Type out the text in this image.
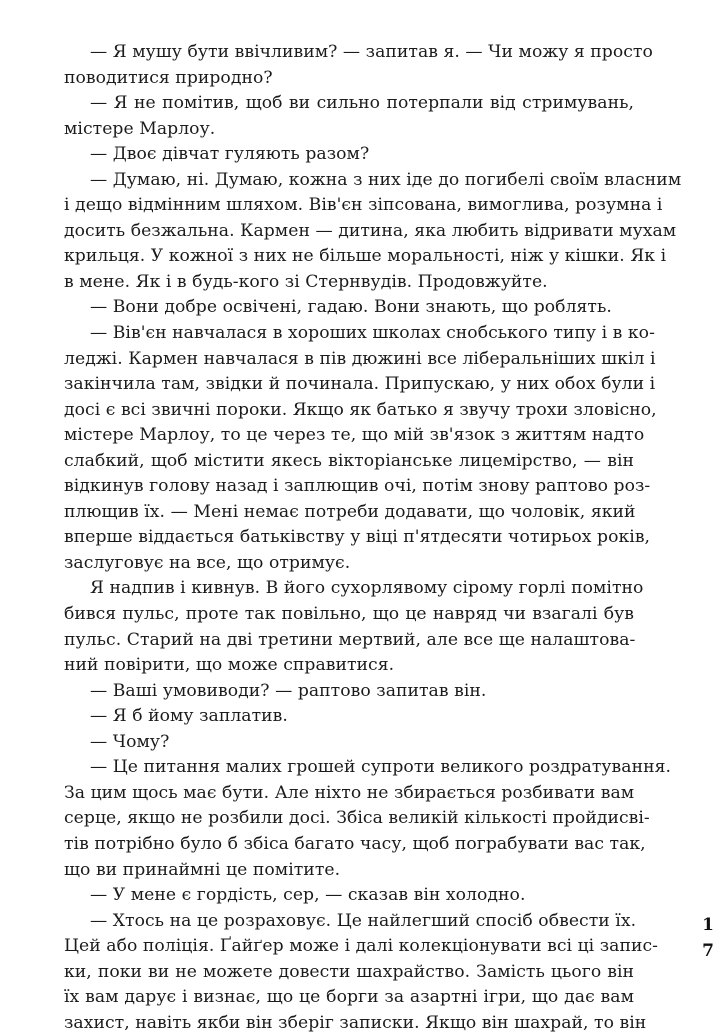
— Я мушу бути ввічливим? — запитав я. — Чи можу я просто
поводитися природно?
— Я не помітив, щоб ви сильно потерпали від стримувань,
містере Марлоу.
— Двоє дівчат гуляють разом?
— Думаю, ні. Думаю, кожна з них іде до погибелі своїм власним
і дещо відмінним шляхом. Вів'єн зіпсована, вимоглива, розумна і
досить безжальна. Кармен — дитина, яка любить відривати мухам
крильця. У кожної з них не більше моральності, ніж у кішки. Як і
в мене. Як і в будь-кого зі Стернвудів. Продовжуйте.
— Вони добре освічені, гадаю. Вони знають, що роблять.
— Вів'єн навчалася в хороших школах снобського типу і в ко-
леджі. Кармен навчалася в пів дюжині все ліберальніших шкіл і
закінчила там, звідки й починала. Припускаю, у них обох були і
досі є всі звичні пороки. Якщо як батько я звучу трохи зловісно,
містере Марлоу, то це через те, що мій зв'язок з життям надто
слабкий, щоб містити якесь вікторіанське лицемірство, — він
відкинув голову назад і заплющив очі, потім знову раптово роз-
плющив їх. — Мені немає потреби додавати, що чоловік, який
вперше віддається батьківству у віці п'ятдесяти чотирьох років,
заслуговує на все, що отримує.
Я надпив і кивнув. В його сухорлявому сірому горлі помітно
бився пульс, проте так повільно, що це навряд чи взагалі був
пульс. Старий на дві третини мертвий, але все ще налаштова-
ний повірити, що може справитися.
— Ваші умовиводи? — раптово запитав він.
— Я б йому заплатив.
— Чому?
— Це питання малих грошей супроти великого роздратування.
За цим щось має бути. Але ніхто не збирається розбивати вам
серце, якщо не розбили досі. Збіса великій кількості пройдисві-
тів потрібно було б збіса багато часу, щоб пограбувати вас так,
що ви принаймні це помітите.
— У мене є гордість, сер, — сказав він холодно.
— Хтось на це розраховує. Це найлегший спосіб обвести їх.
Цей або поліція. Ґайґер може і далі колекціонувати всі ці запис-
ки, поки ви не можете довести шахрайство. Замість цього він
їх вам дарує і визнає, що це борги за азартні ігри, що дає вам
захист, навіть якби він зберіг записки. Якщо він шахрай, то він
1
7
